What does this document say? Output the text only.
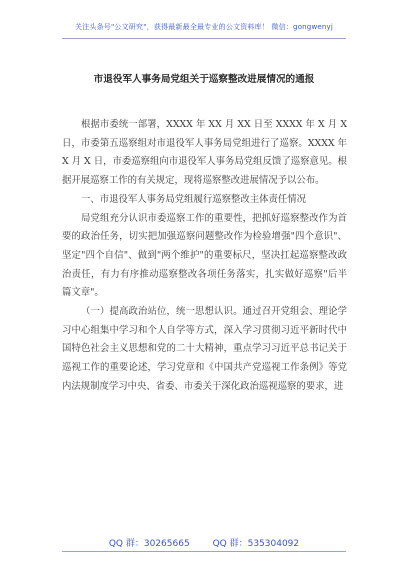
关注头条号"公文研究"，获得最新最全最专业的公文资料库！ 微信：gongwenyj
市退役军人事务局党组关于巡察整改进展情况的通报

根据市委统一部署，XXXX 年 XX 月 XX 日至 XXXX 年 X 月 X 日，市委第五巡察组对市退役军人事务局党组进行了巡察。XXXX 年 X 月 X 日，市委巡察组向市退役军人事务局党组反馈了巡察意见。根据开展巡察工作的有关规定，现将巡察整改进展情况予以公布。

一、市退役军人事务局党组履行巡察整改主体责任情况

局党组充分认识市委巡察工作的重要性，把抓好巡察整改作为首要的政治任务，切实把加强巡察问题整改作为检验增强"四个意识"、坚定"四个自信"、做到"两个维护"的重要标尺，坚决扛起巡察整改政治责任，有力有序推动巡察整改各项任务落实，扎实做好巡察"后半篇文章"。

（一）提高政治站位，统一思想认识。通过召开党组会、理论学习中心组集中学习和个人自学等方式，深入学习贯彻习近平新时代中国特色社会主义思想和党的二十大精神，重点学习习近平总书记关于巡视工作的重要论述，学习党章和《中国共产党巡视工作条例》等党内法规制度学习中央、省委、市委关于深化政治巡视巡察的要求，进

QQ 群：30265665	QQ 群：535304092
